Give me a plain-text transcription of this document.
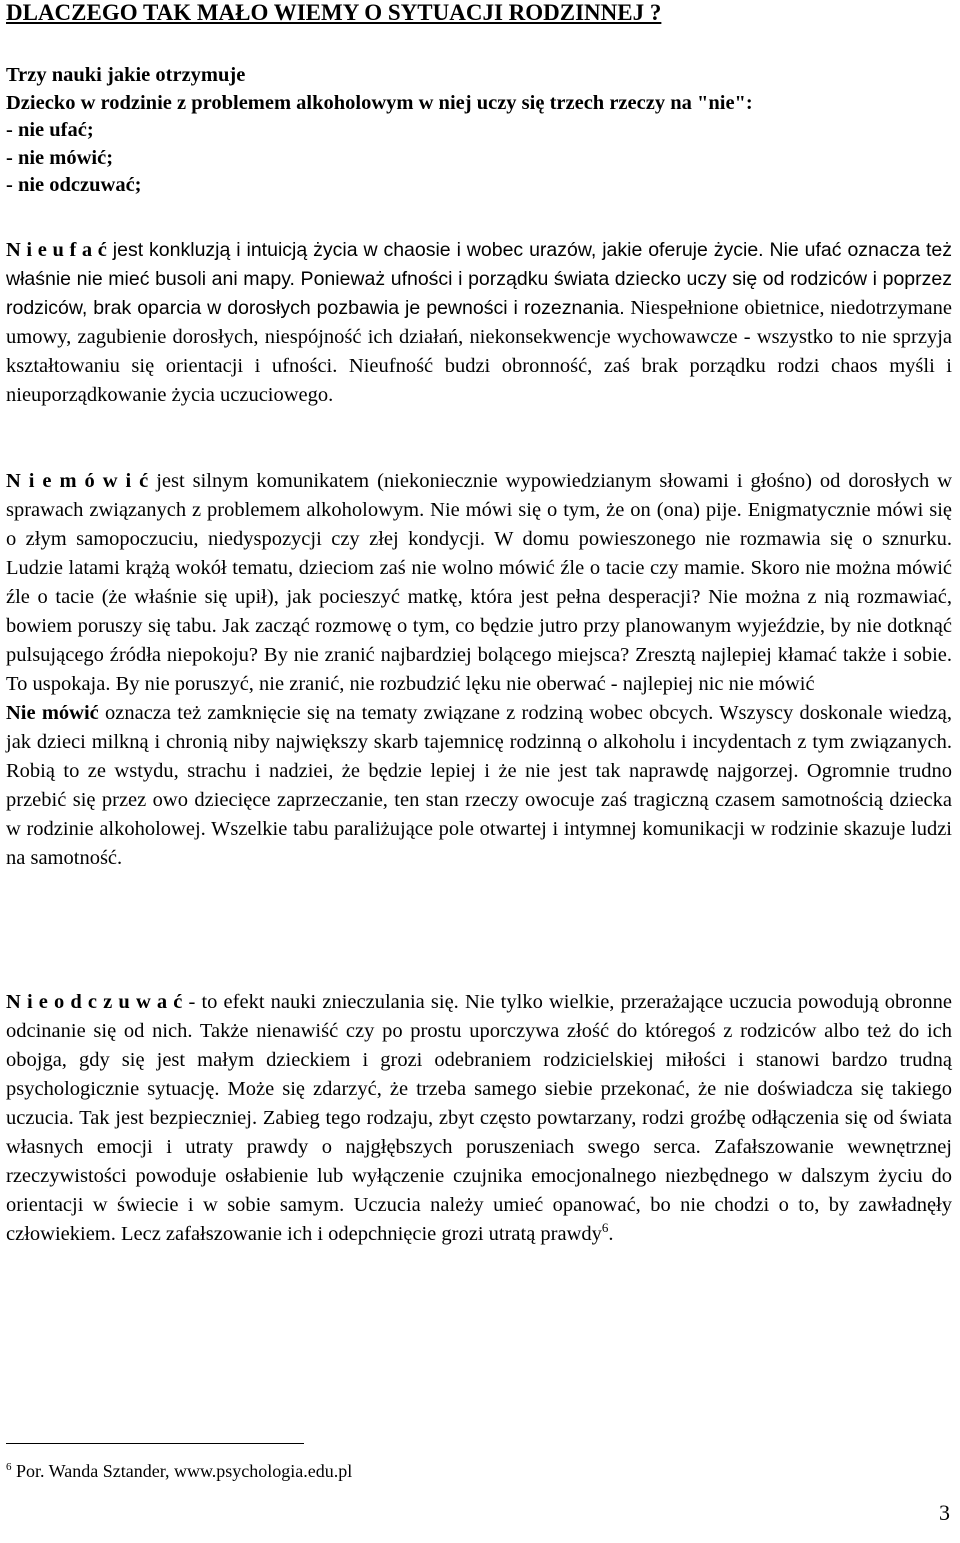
DLACZEGO TAK MAŁO WIEMY O SYTUACJI RODZINNEJ ?
Trzy nauki jakie otrzymuje
Dziecko w rodzinie z problemem alkoholowym w niej uczy się trzech rzeczy na "nie":
- nie ufać;
- nie mówić;
- nie odczuwać;
N i e u f a ć jest konkluzją i intuicją życia w chaosie i wobec urazów, jakie oferuje życie. Nie ufać oznacza też właśnie nie mieć busoli ani mapy. Ponieważ ufności i porządku świata dziecko uczy się od rodziców i poprzez rodziców, brak oparcia w dorosłych pozbawia je pewności i rozeznania. Niespełnione obietnice, niedotrzymane umowy, zagubienie dorosłych, niespójność ich działań, niekonsekwencje wychowawcze - wszystko to nie sprzyja kształtowaniu się orientacji i ufności. Nieufność budzi obronność, zaś brak porządku rodzi chaos myśli i nieuporządkowanie życia uczuciowego.
N i e m ó w i ć jest silnym komunikatem (niekoniecznie wypowiedzianym słowami i głośno) od dorosłych w sprawach związanych z problemem alkoholowym. Nie mówi się o tym, że on (ona) pije. Enigmatycznie mówi się o złym samopoczuciu, niedyspozycji czy złej kondycji. W domu powieszonego nie rozmawia się o sznurku. Ludzie latami krążą wokół tematu, dzieciom zaś nie wolno mówić źle o tacie czy mamie. Skoro nie można mówić źle o tacie (że właśnie się upił), jak pocieszyć matkę, która jest pełna desperacji? Nie można z nią rozmawiać, bowiem poruszy się tabu. Jak zacząć rozmowę o tym, co będzie jutro przy planowanym wyjeździe, by nie dotknąć pulsującego źródła niepokoju? By nie zranić najbardziej bolącego miejsca? Zresztą najlepiej kłamać także i sobie. To uspokaja. By nie poruszyć, nie zranić, nie rozbudzić lęku nie oberwać - najlepiej nic nie mówić
Nie mówić oznacza też zamknięcie się na tematy związane z rodziną wobec obcych. Wszyscy doskonale wiedzą, jak dzieci milkną i chronią niby największy skarb tajemnicę rodzinną o alkoholu i incydentach z tym związanych. Robią to ze wstydu, strachu i nadziei, że będzie lepiej i że nie jest tak naprawdę najgorzej. Ogromnie trudno przebić się przez owo dziecięce zaprzeczanie, ten stan rzeczy owocuje zaś tragiczną czasem samotnością dziecka w rodzinie alkoholowej. Wszelkie tabu paraliżujące pole otwartej i intymnej komunikacji w rodzinie skazuje ludzi na samotność.
N i e o d c z u w a ć - to efekt nauki znieczulania się. Nie tylko wielkie, przerażające uczucia powodują obronne odcinanie się od nich. Także nienawiść czy po prostu uporczywa złość do któregoś z rodziców albo też do ich obojga, gdy się jest małym dzieckiem i grozi odebraniem rodzicielskiej miłości i stanowi bardzo trudną psychologicznie sytuację. Może się zdarzyć, że trzeba samego siebie przekonać, że nie doświadcza się takiego uczucia. Tak jest bezpieczniej. Zabieg tego rodzaju, zbyt często powtarzany, rodzi groźbę odłączenia się od świata własnych emocji i utraty prawdy o najgłębszych poruszeniach swego serca. Zafałszowanie wewnętrznej rzeczywistości powoduje osłabienie lub wyłączenie czujnika emocjonalnego niezbędnego w dalszym życiu do orientacji w świecie i w sobie samym. Uczucia należy umieć opanować, bo nie chodzi o to, by zawładnęły człowiekiem. Lecz zafałszowanie ich i odepchnięcie grozi utratą prawdy$^6$.
$^6$ Por. Wanda Sztander, www.psychologia.edu.pl
3
